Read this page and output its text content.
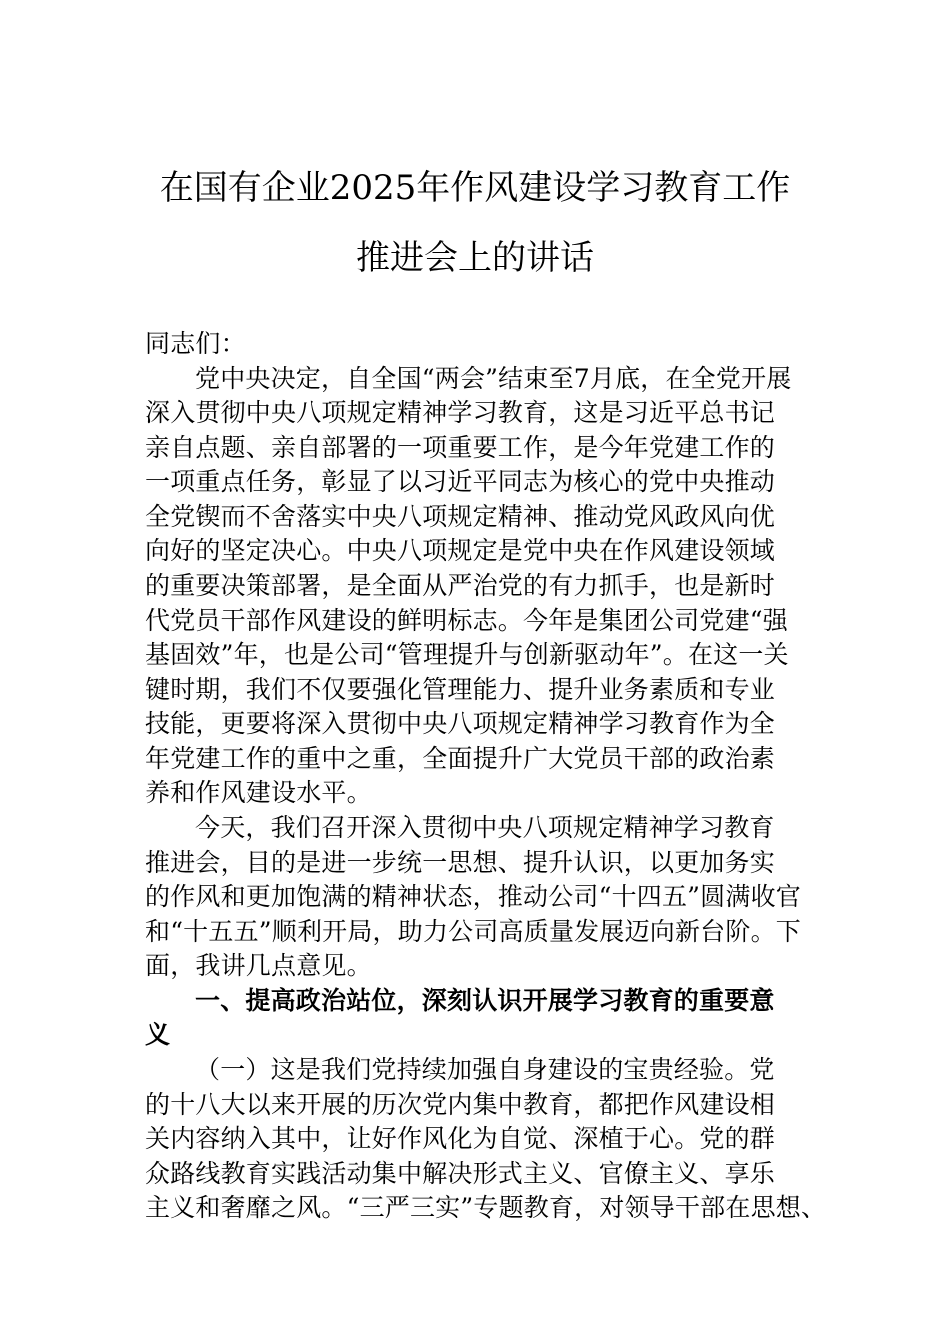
在国有企业2025年作风建设学习教育工作
推进会上的讲话
同志们：
党中央决定，自全国“两会”结束至7月底，在全党开展
深入贯彻中央八项规定精神学习教育，这是习近平总书记
亲自点题、亲自部署的一项重要工作，是今年党建工作的
一项重点任务，彰显了以习近平同志为核心的党中央推动
全党锲而不舍落实中央八项规定精神、推动党风政风向优
向好的坚定决心。中央八项规定是党中央在作风建设领域
的重要决策部署，是全面从严治党的有力抓手，也是新时
代党员干部作风建设的鲜明标志。今年是集团公司党建“强
基固效”年，也是公司“管理提升与创新驱动年”。在这一关
键时期，我们不仅要强化管理能力、提升业务素质和专业
技能，更要将深入贯彻中央八项规定精神学习教育作为全
年党建工作的重中之重，全面提升广大党员干部的政治素
养和作风建设水平。
今天，我们召开深入贯彻中央八项规定精神学习教育
推进会，目的是进一步统一思想、提升认识，以更加务实
的作风和更加饱满的精神状态，推动公司“十四五”圆满收官
和“十五五”顺利开局，助力公司高质量发展迈向新台阶。下
面，我讲几点意见。
一、提高政治站位，深刻认识开展学习教育的重要意
义
（一）这是我们党持续加强自身建设的宝贵经验。党
的十八大以来开展的历次党内集中教育，都把作风建设相
关内容纳入其中，让好作风化为自觉、深植于心。党的群
众路线教育实践活动集中解决形式主义、官僚主义、享乐
主义和奢靡之风。“三严三实”专题教育，对领导干部在思想、
